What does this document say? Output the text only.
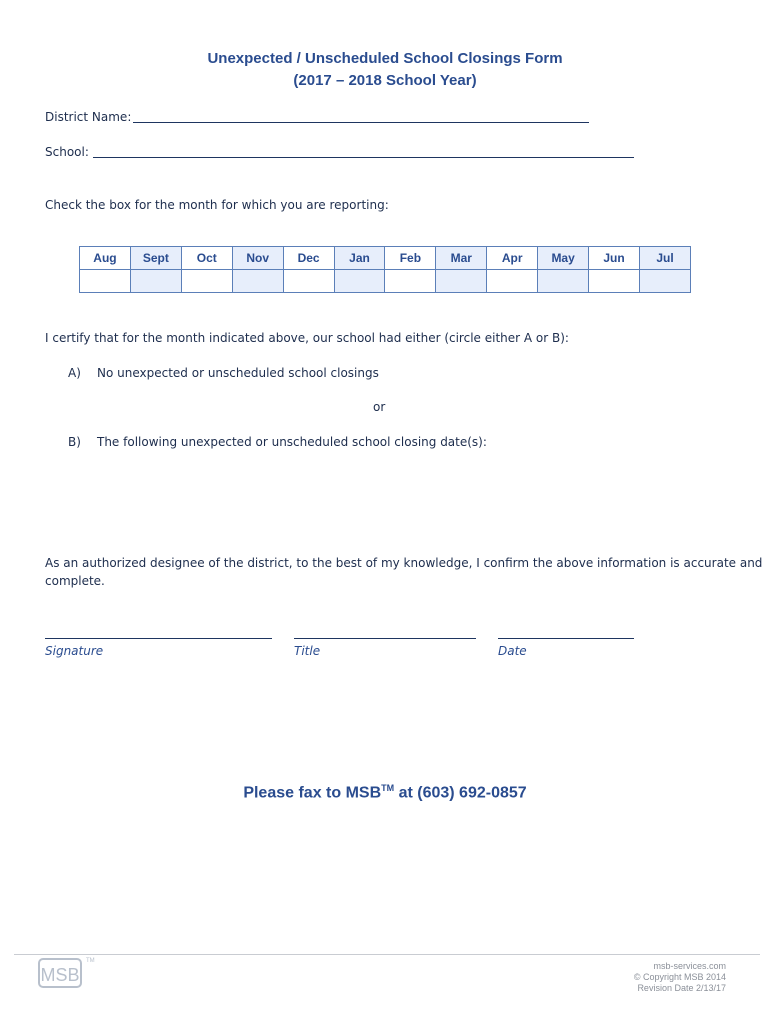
Unexpected / Unscheduled School Closings Form
(2017 – 2018 School Year)
District Name:
School:
Check the box for the month for which you are reporting:
Aug	Sept	Oct	Nov	Dec	Jan	Feb	Mar	Apr	May	Jun	Jul

I certify that for the month indicated above, our school had either (circle either A or B):
A) No unexpected or unscheduled school closings
or
B) The following unexpected or unscheduled school closing date(s):
As an authorized designee of the district, to the best of my knowledge, I confirm the above information is accurate and
complete.
Signature	Title	Date
Please fax to MSB™ at (603) 692-0857
MSB
TM	msb-services.com
© Copyright MSB 2014
Revision Date 2/13/17
